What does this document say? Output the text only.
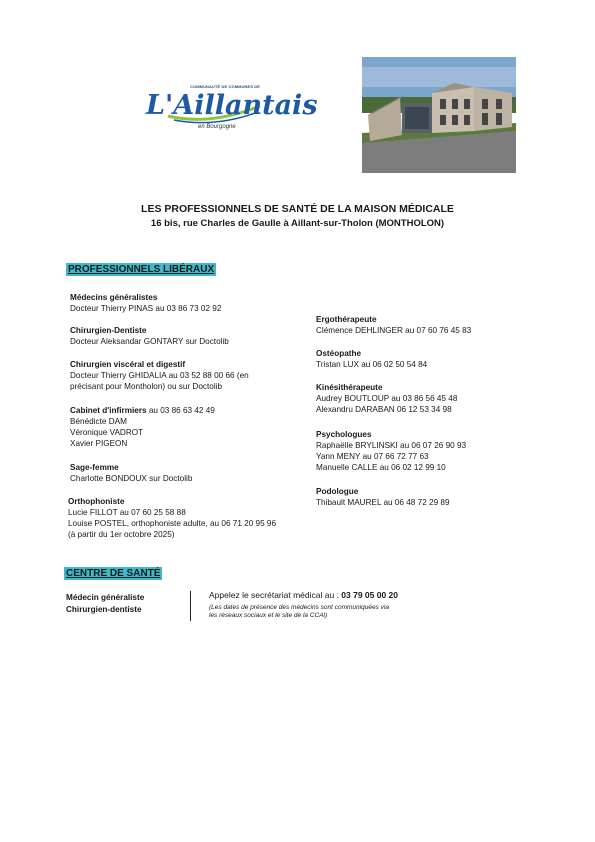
COMMUNAUTÉ DE COMMUNES DE
L'Aillantais
en Bourgogne
LES PROFESSIONNELS DE SANTÉ DE LA MAISON MÉDICALE
16 bis, rue Charles de Gaulle à Aillant-sur-Tholon (MONTHOLON)
PROFESSIONNELS LIBÉRAUX
Médecins généralistes
Docteur Thierry PINAS au 03 86 73 02 92
Chirurgien-Dentiste
Docteur Aleksandar GONTARY sur Doctolib
Chirurgien viscéral et digestif
Docteur Thierry GHIDALIA au 03 52 88 00 66 (en
précisant pour Montholon) ou sur Doctolib
Cabinet d'infirmiers au 03 86 63 42 49
Bénédicte DAM
Véronique VADROT
Xavier PIGEON
Sage-femme
Charlotte BONDOUX sur Doctolib
Orthophoniste
Lucie FILLOT au 07 60 25 58 88
Louise POSTEL, orthophoniste adulte, au 06 71 20 95 96
(à partir du 1er octobre 2025)
Ergothérapeute
Clémence DEHLINGER au 07 60 76 45 83
Ostéopathe
Tristan LUX au 06 02 50 54 84
Kinésithérapeute
Audrey BOUTLOUP au 03 86 56 45 48
Alexandru DARABAN 06 12 53 34 98
Psychologues
Raphaëlle BRYLINSKI au 06 07 26 90 93
Yann MENY au 07 66 72 77 63
Manuelle CALLE au 06 02 12 99 10
Podologue
Thibault MAUREL au 06 48 72 29 89
CENTRE DE SANTÉ
Médecin généraliste
Chirurgien-dentiste
Appelez le secrétariat médical au : 03 79 05 00 20
(Les dates de présence des médecins sont communiquées via
les réseaux sociaux et le site de la CCAl)
